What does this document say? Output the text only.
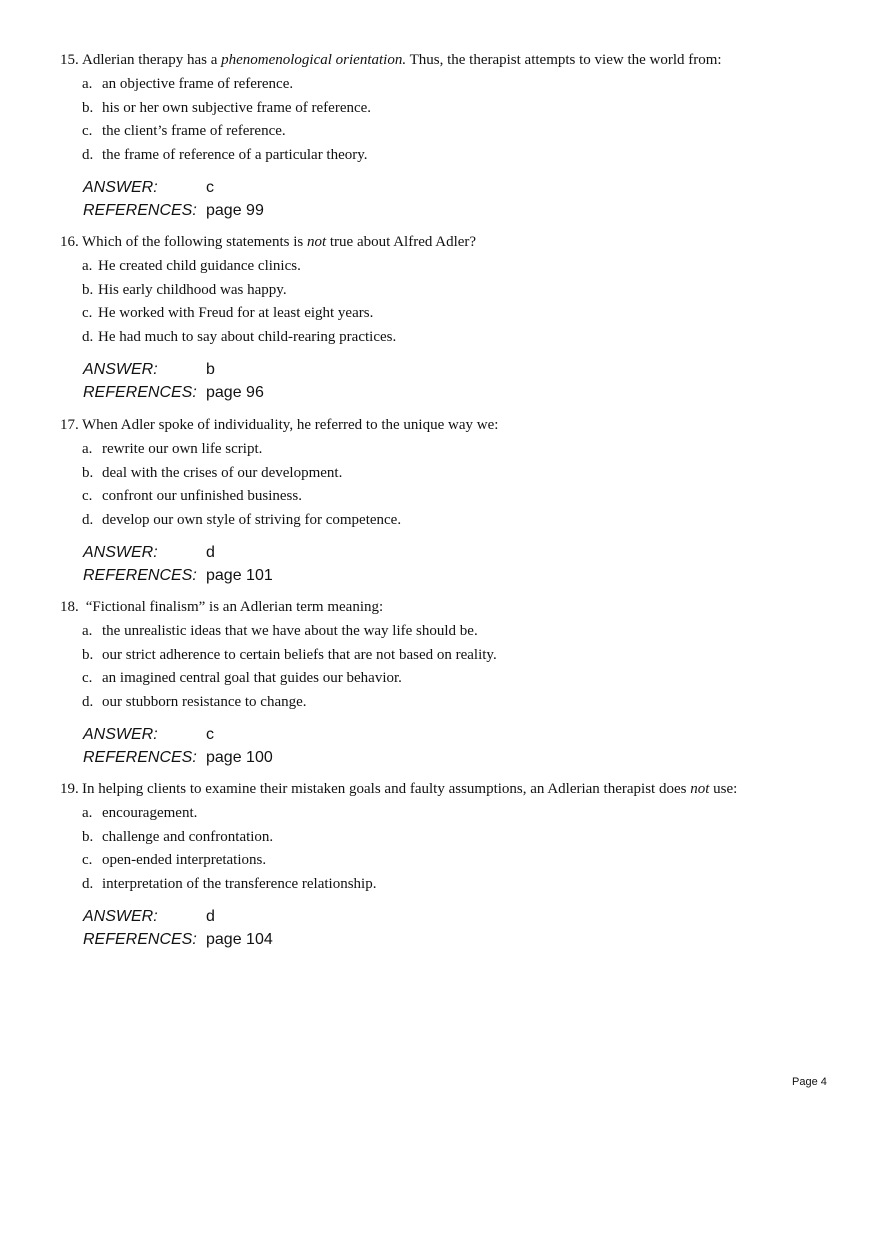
15. Adlerian therapy has a phenomenological orientation. Thus, the therapist attempts to view the world from:
a. an objective frame of reference.
b. his or her own subjective frame of reference.
c. the client’s frame of reference.
d. the frame of reference of a particular theory.
ANSWER:	c
REFERENCES: page 99
16. Which of the following statements is not true about Alfred Adler?
a. He created child guidance clinics.
b. His early childhood was happy.
c. He worked with Freud for at least eight years.
d. He had much to say about child-rearing practices.
ANSWER:	b
REFERENCES: page 96
17. When Adler spoke of individuality, he referred to the unique way we:
a. rewrite our own life script.
b. deal with the crises of our development.
c. confront our unfinished business.
d. develop our own style of striving for competence.
ANSWER:	d
REFERENCES: page 101
18. “Fictional finalism” is an Adlerian term meaning:
a. the unrealistic ideas that we have about the way life should be.
b. our strict adherence to certain beliefs that are not based on reality.
c. an imagined central goal that guides our behavior.
d. our stubborn resistance to change.
ANSWER:	c
REFERENCES: page 100
19. In helping clients to examine their mistaken goals and faulty assumptions, an Adlerian therapist does not use:
a. encouragement.
b. challenge and confrontation.
c. open-ended interpretations.
d. interpretation of the transference relationship.
ANSWER:	d
REFERENCES: page 104
Page 4
